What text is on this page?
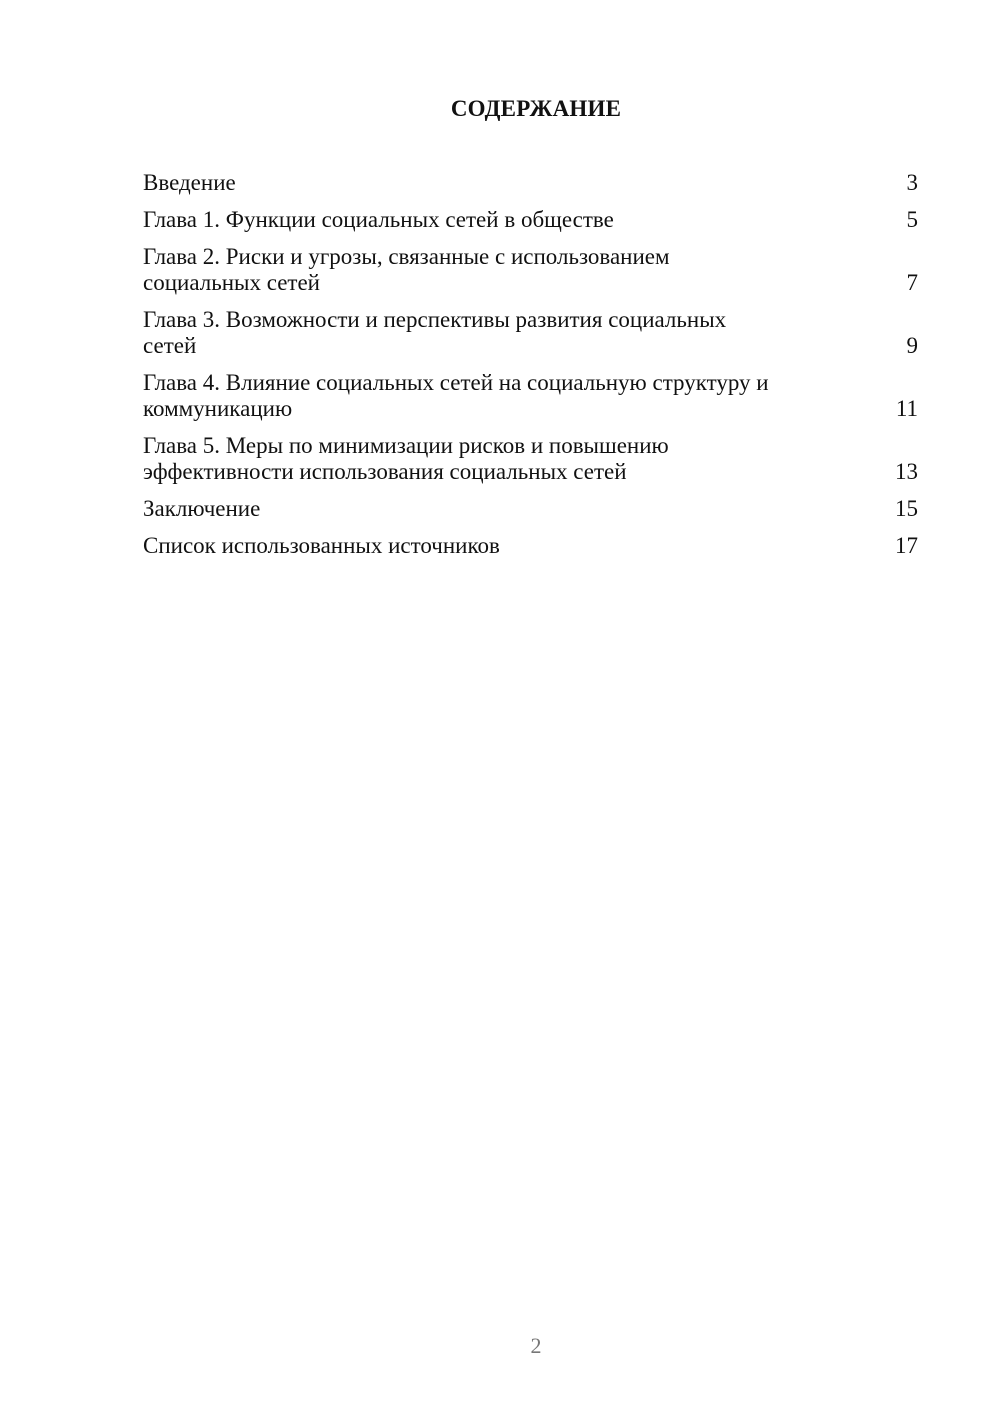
СОДЕРЖАНИЕ
Введение	3
Глава 1. Функции социальных сетей в обществе	5
Глава 2. Риски и угрозы, связанные с использованием
социальных сетей	7
Глава 3. Возможности и перспективы развития социальных
сетей	9
Глава 4. Влияние социальных сетей на социальную структуру и
коммуникацию	11
Глава 5. Меры по минимизации рисков и повышению
эффективности использования социальных сетей	13
Заключение	15
Список использованных источников	17
2
